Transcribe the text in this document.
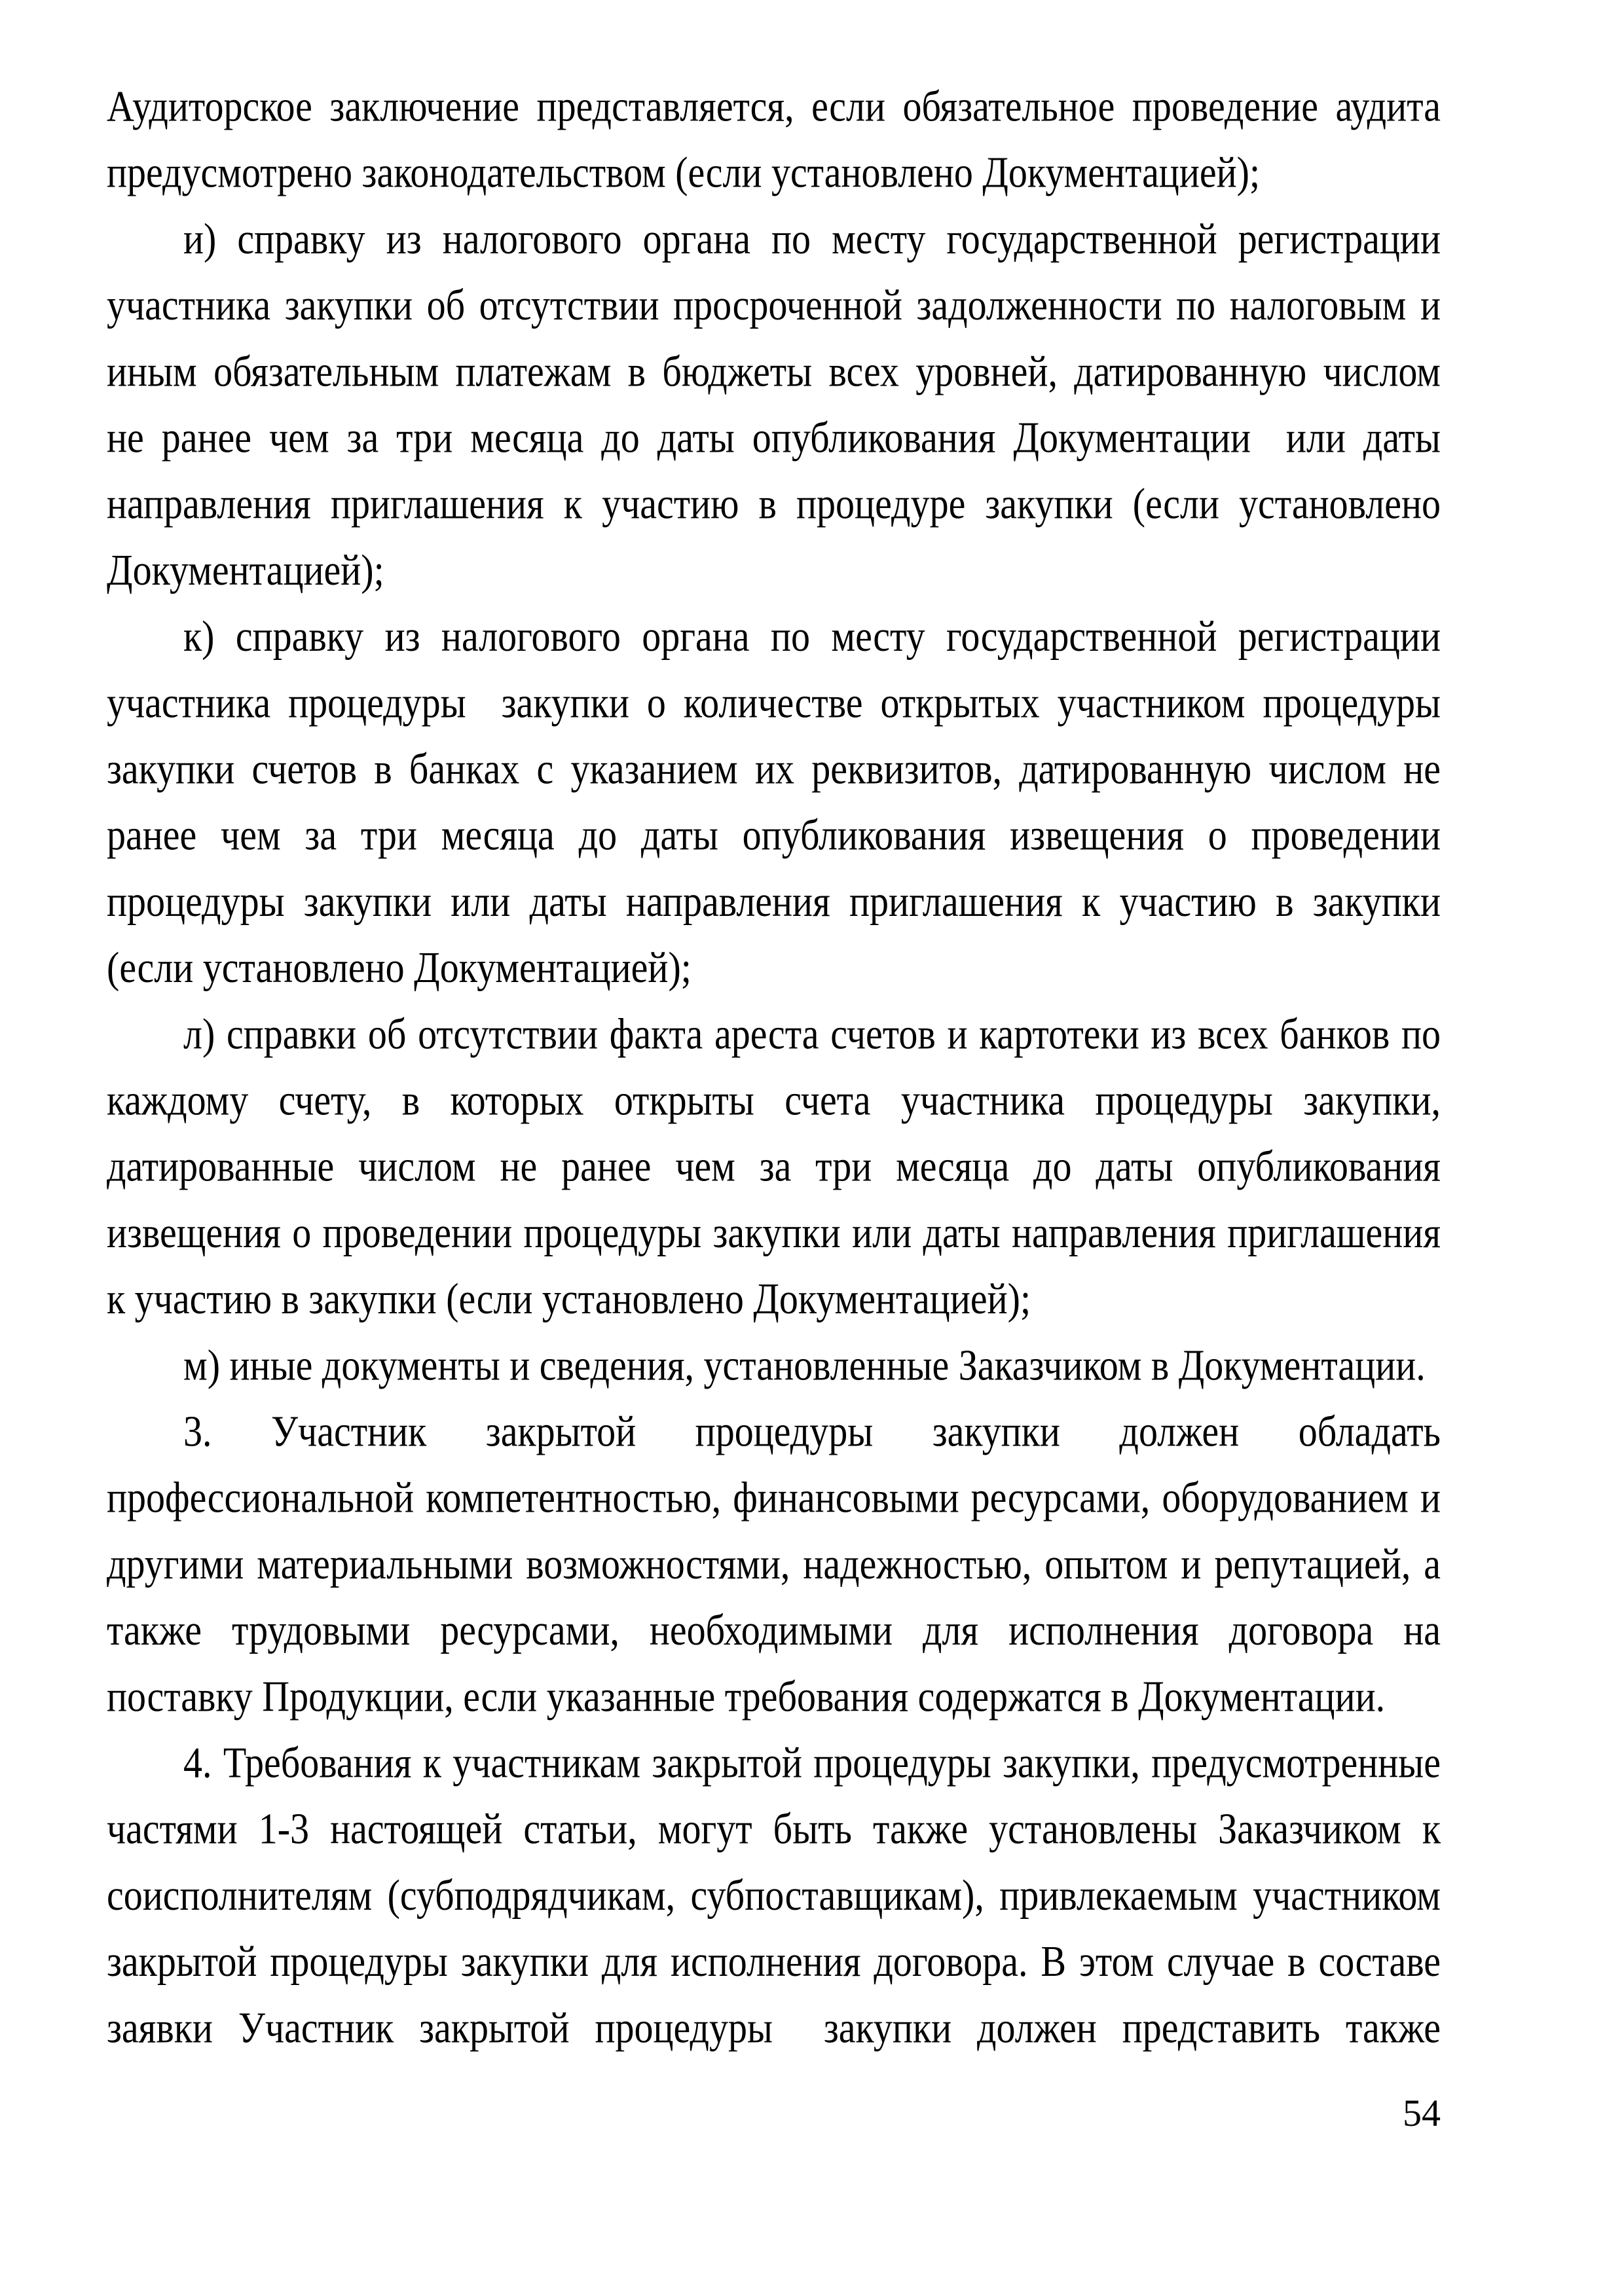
Аудиторское заключение представляется, если обязательное проведение аудита
предусмотрено законодательством (если установлено Документацией);
и) справку из налогового органа по месту государственной регистрации
участника закупки об отсутствии просроченной задолженности по налоговым и
иным обязательным платежам в бюджеты всех уровней, датированную числом
не ранее чем за три месяца до даты опубликования Документации  или даты
направления приглашения к участию в процедуре закупки (если установлено
Документацией);
к) справку из налогового органа по месту государственной регистрации
участника процедуры  закупки о количестве открытых участником процедуры
закупки счетов в банках с указанием их реквизитов, датированную числом не
ранее чем за три месяца до даты опубликования извещения о проведении
процедуры закупки или даты направления приглашения к участию в закупки
(если установлено Документацией);
л) справки об отсутствии факта ареста счетов и картотеки из всех банков по
каждому счету, в которых открыты счета участника процедуры закупки,
датированные числом не ранее чем за три месяца до даты опубликования
извещения о проведении процедуры закупки или даты направления приглашения
к участию в закупки (если установлено Документацией);
м) иные документы и сведения, установленные Заказчиком в Документации.
3. Участник закрытой процедуры закупки должен обладать
профессиональной компетентностью, финансовыми ресурсами, оборудованием и
другими материальными возможностями, надежностью, опытом и репутацией, а
также трудовыми ресурсами, необходимыми для исполнения договора на
поставку Продукции, если указанные требования содержатся в Документации.
4. Требования к участникам закрытой процедуры закупки, предусмотренные
частями 1-3 настоящей статьи, могут быть также установлены Заказчиком к
соисполнителям (субподрядчикам, субпоставщикам), привлекаемым участником
закрытой процедуры закупки для исполнения договора. В этом случае в составе
заявки Участник закрытой процедуры  закупки должен представить также
54
